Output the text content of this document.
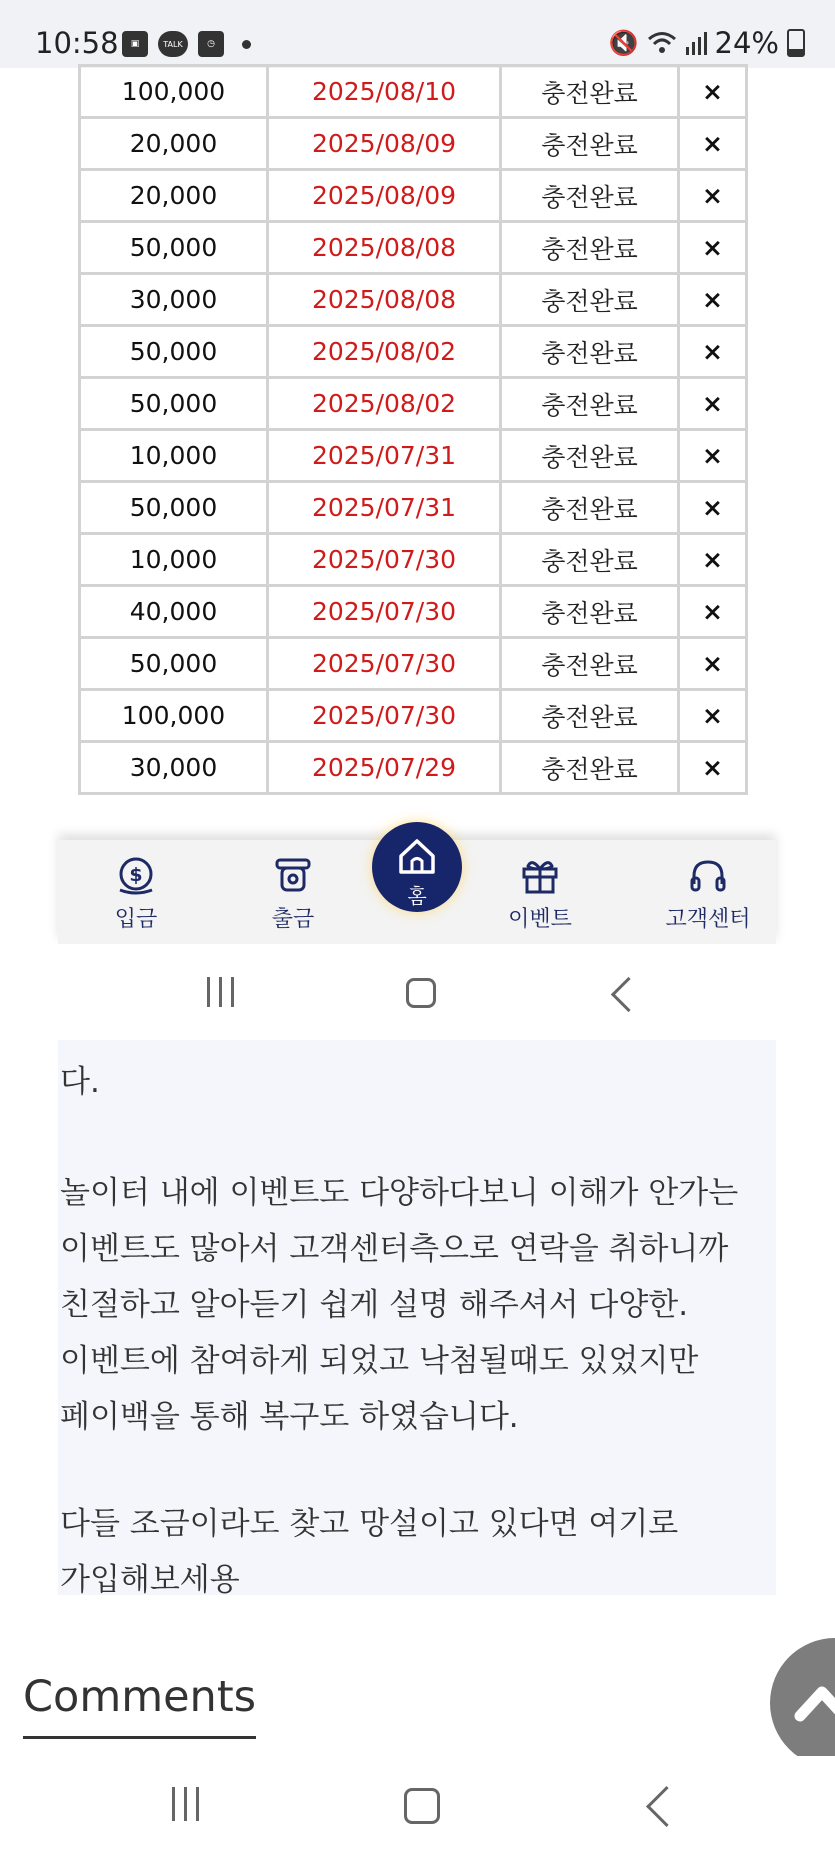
10:58	▣	TALK	◷	🔇	24%
100,000	2025/08/10	충전완료	×
20,000	2025/08/09	충전완료	×
20,000	2025/08/09	충전완료	×
50,000	2025/08/08	충전완료	×
30,000	2025/08/08	충전완료	×
50,000	2025/08/02	충전완료	×
50,000	2025/08/02	충전완료	×
10,000	2025/07/31	충전완료	×
50,000	2025/07/31	충전완료	×
10,000	2025/07/30	충전완료	×
40,000	2025/07/30	충전완료	×
50,000	2025/07/30	충전완료	×
100,000	2025/07/30	충전완료	×
30,000	2025/07/29	충전완료	×
$
입금	출금
홈
이벤트	고객센터

다.

놀이터 내에 이벤트도 다양하다보니 이해가 안가는 이벤트도 많아서 고객센터측으로 연락을 취하니까 친절하고 알아듣기 쉽게 설명 해주셔서 다양한.이벤트에 참여하게 되었고 낙첨될때도 있었지만 페이백을 통해 복구도 하였습니다.

다들 조금이라도 찾고 망설이고 있다면 여기로 가입해보세용

Comments
